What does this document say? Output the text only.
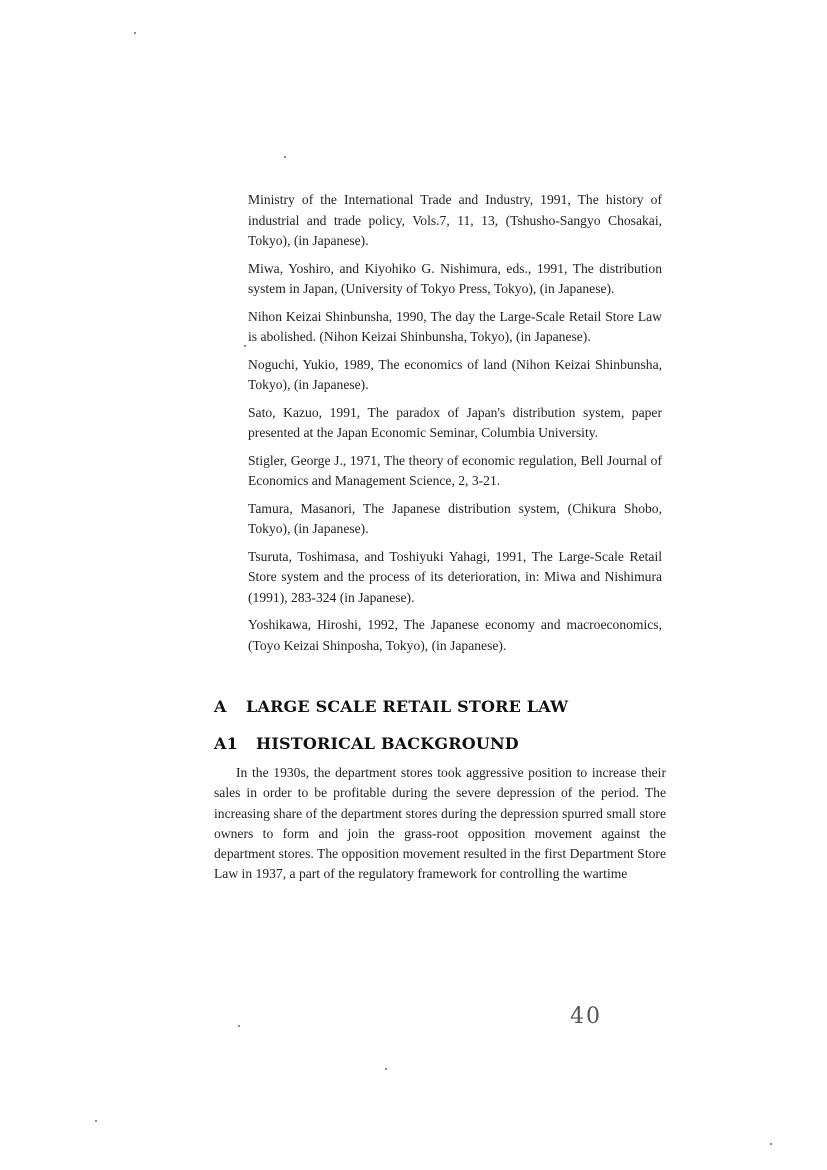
Ministry of the International Trade and Industry, 1991, The history of industrial and trade policy, Vols.7, 11, 13, (Tshusho-Sangyo Chosakai, Tokyo), (in Japanese).

Miwa, Yoshiro, and Kiyohiko G. Nishimura, eds., 1991, The distribution system in Japan, (University of Tokyo Press, Tokyo), (in Japanese).

Nihon Keizai Shinbunsha, 1990, The day the Large-Scale Retail Store Law is abolished. (Nihon Keizai Shinbunsha, Tokyo), (in Japanese).

Noguchi, Yukio, 1989, The economics of land (Nihon Keizai Shinbunsha, Tokyo), (in Japanese).

Sato, Kazuo, 1991, The paradox of Japan's distribution system, paper presented at the Japan Economic Seminar, Columbia University.

Stigler, George J., 1971, The theory of economic regulation, Bell Journal of Economics and Management Science, 2, 3-21.

Tamura, Masanori, The Japanese distribution system, (Chikura Shobo, Tokyo), (in Japanese).

Tsuruta, Toshimasa, and Toshiyuki Yahagi, 1991, The Large-Scale Retail Store system and the process of its deterioration, in: Miwa and Nishimura (1991), 283-324 (in Japanese).

Yoshikawa, Hiroshi, 1992, The Japanese economy and macroeconomics, (Toyo Keizai Shinposha, Tokyo), (in Japanese).

A LARGE SCALE RETAIL STORE LAW
A1 HISTORICAL BACKGROUND

In the 1930s, the department stores took aggressive position to increase their sales in order to be profitable during the severe depression of the period. The increasing share of the department stores during the depression spurred small store owners to form and join the grass-root opposition movement against the department stores. The opposition movement resulted in the first Department Store Law in 1937, a part of the regulatory framework for controlling the wartime

40
